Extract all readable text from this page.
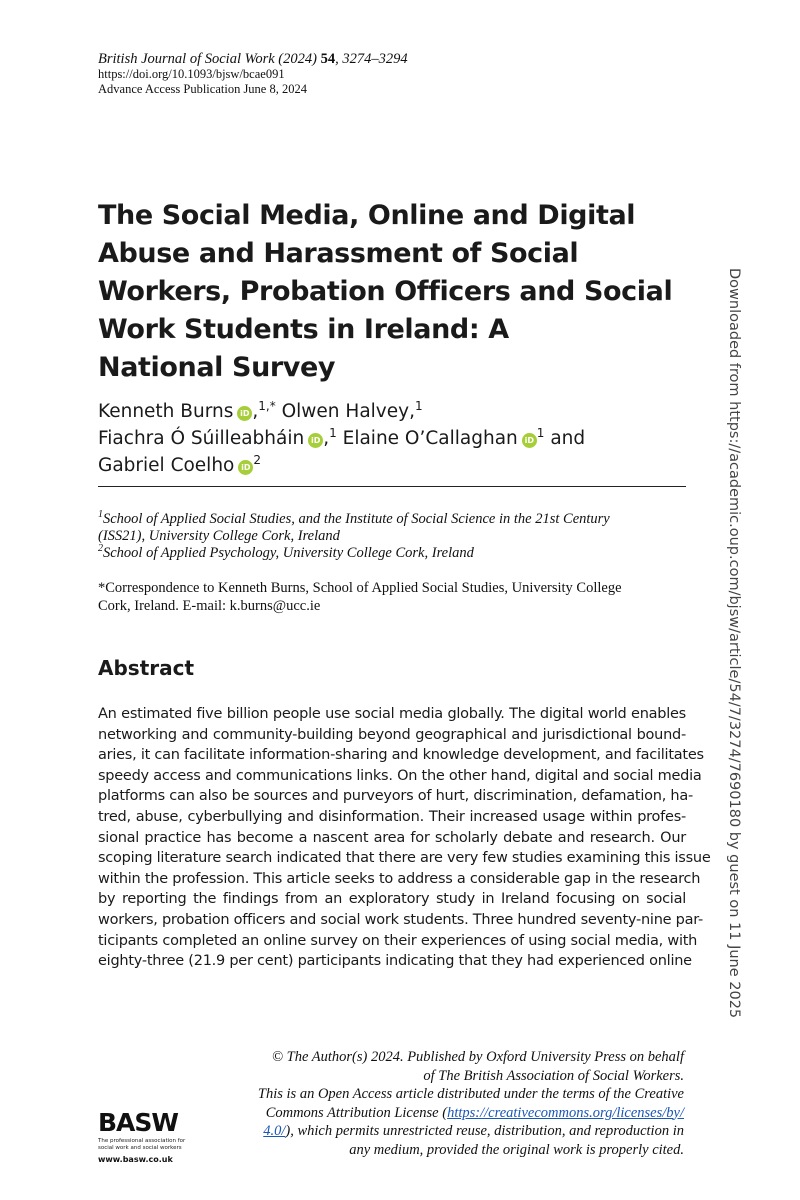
British Journal of Social Work (2024) 54, 3274–3294
https://doi.org/10.1093/bjsw/bcae091
Advance Access Publication June 8, 2024
The Social Media, Online and Digital
Abuse and Harassment of Social
Workers, Probation Officers and Social
Work Students in Ireland: A
National Survey
Kenneth Burns iD ,$^{1,*}$ Olwen Halvey,$^1$
Fiachra Ó Súilleabháin iD ,$^1$ Elaine O’Callaghan $iD^1$ and
Gabriel Coelho $iD^2$
$^1$School of Applied Social Studies, and the Institute of Social Science in the 21st Century
(ISS21), University College Cork, Ireland
$^2$School of Applied Psychology, University College Cork, Ireland
*Correspondence to Kenneth Burns, School of Applied Social Studies, University College
Cork, Ireland. E-mail: k.burns@ucc.ie
Abstract
An estimated five billion people use social media globally. The digital world enables
networking and community-building beyond geographical and jurisdictional bound-
aries, it can facilitate information-sharing and knowledge development, and facilitates
speedy access and communications links. On the other hand, digital and social media
platforms can also be sources and purveyors of hurt, discrimination, defamation, ha-
tred, abuse, cyberbullying and disinformation. Their increased usage within profes-
sional practice has become a nascent area for scholarly debate and research. Our
scoping literature search indicated that there are very few studies examining this issue
within the profession. This article seeks to address a considerable gap in the research
by reporting the findings from an exploratory study in Ireland focusing on social
workers, probation officers and social work students. Three hundred seventy-nine par-
ticipants completed an online survey on their experiences of using social media, with
eighty-three (21.9 per cent) participants indicating that they had experienced online
© The Author(s) 2024. Published by Oxford University Press on behalf
of The British Association of Social Workers.
This is an Open Access article distributed under the terms of the Creative
Commons Attribution License (https://creativecommons.org/licenses/by/
4.0/), which permits unrestricted reuse, distribution, and reproduction in
any medium, provided the original work is properly cited.
BASW
The professional association for social work and social workers
www.basw.co.uk
Downloaded from https://academic.oup.com/bjsw/article/54/7/3274/7690180 by guest on 11 June 2025
